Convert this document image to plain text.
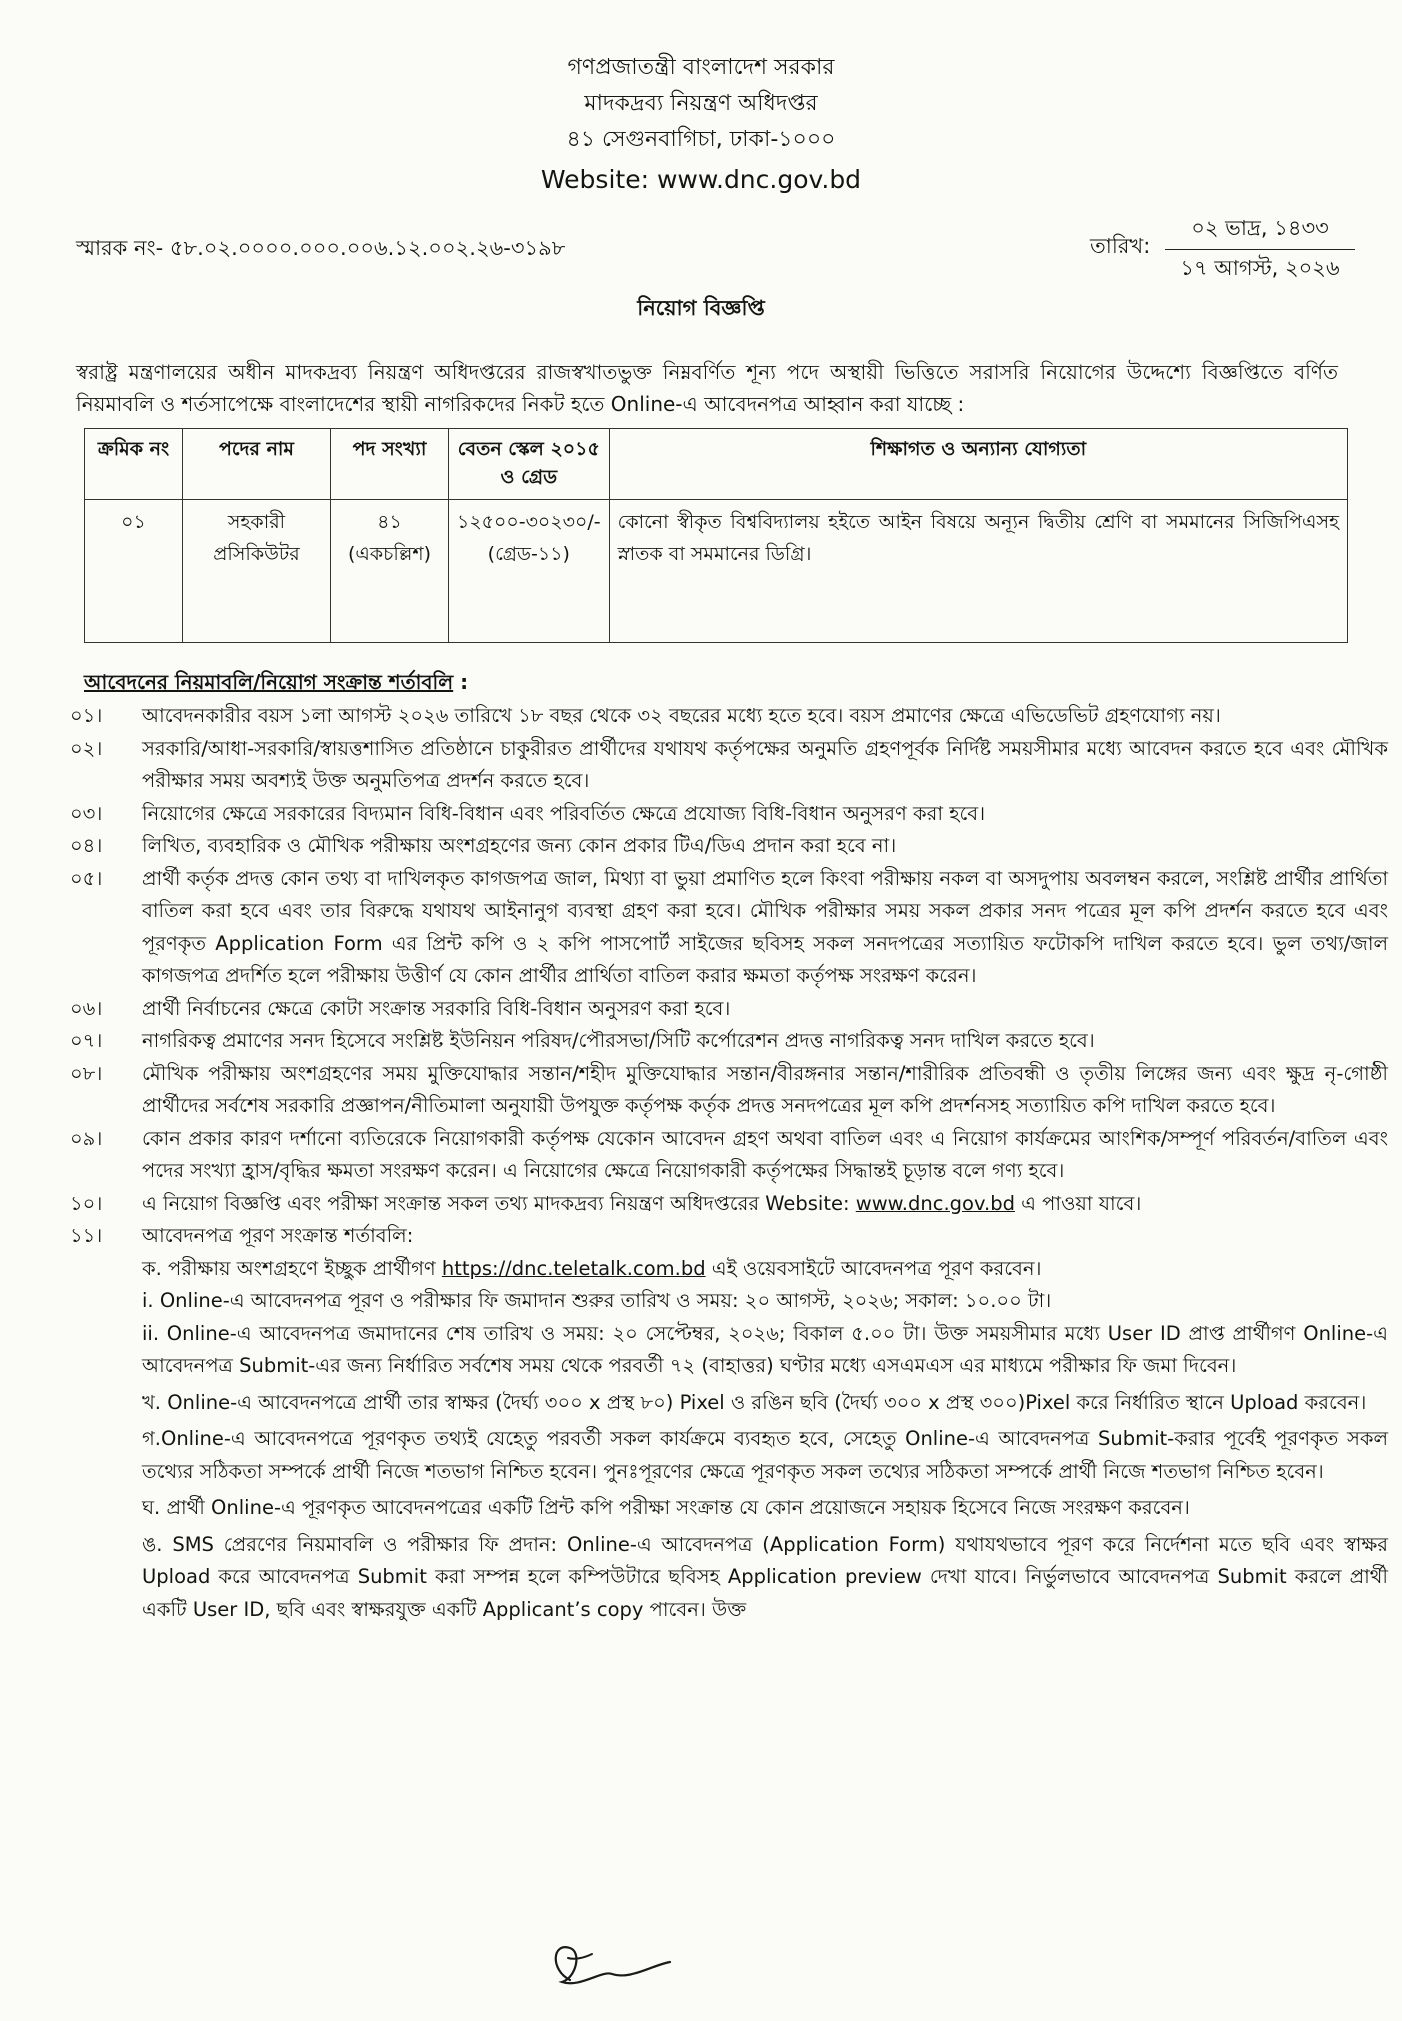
গণপ্রজাতন্ত্রী বাংলাদেশ সরকার
মাদকদ্রব্য নিয়ন্ত্রণ অধিদপ্তর
৪১ সেগুনবাগিচা, ঢাকা-১০০০
Website: www.dnc.gov.bd
স্মারক নং- ৫৮.০২.০০০০.০০০.০০৬.১২.০০২.২৬-৩১৯৮	তারিখ:
০২ ভাদ্র, ১৪৩৩
১৭ আগস্ট, ২০২৬
নিয়োগ বিজ্ঞপ্তি
স্বরাষ্ট্র মন্ত্রণালয়ের অধীন মাদকদ্রব্য নিয়ন্ত্রণ অধিদপ্তরের রাজস্বখাতভুক্ত নিম্নবর্ণিত শূন্য পদে অস্থায়ী ভিত্তিতে সরাসরি নিয়োগের উদ্দেশ্যে বিজ্ঞপ্তিতে বর্ণিত নিয়মাবলি ও শর্তসাপেক্ষে বাংলাদেশের স্থায়ী নাগরিকদের নিকট হতে Online-এ আবেদনপত্র আহ্বান করা যাচ্ছে :
ক্রমিক নং	পদের নাম	পদ সংখ্যা	বেতন স্কেল ২০১৫ ও গ্রেড	শিক্ষাগত ও অন্যান্য যোগ্যতা
০১	সহকারী প্রসিকিউটর	৪১ (একচল্লিশ)	১২৫০০-৩০২৩০/- (গ্রেড-১১)	কোনো স্বীকৃত বিশ্ববিদ্যালয় হইতে আইন বিষয়ে অন্যূন দ্বিতীয় শ্রেণি বা সমমানের সিজিপিএসহ স্নাতক বা সমমানের ডিগ্রি।
আবেদনের নিয়মাবলি/নিয়োগ সংক্রান্ত শর্তাবলি :
০১।	আবেদনকারীর বয়স ১লা আগস্ট ২০২৬ তারিখে ১৮ বছর থেকে ৩২ বছরের মধ্যে হতে হবে। বয়স প্রমাণের ক্ষেত্রে এভিডেভিট গ্রহণযোগ্য নয়।
০২।	সরকারি/আধা-সরকারি/স্বায়ত্তশাসিত প্রতিষ্ঠানে চাকুরীরত প্রার্থীদের যথাযথ কর্তৃপক্ষের অনুমতি গ্রহণপূর্বক নির্দিষ্ট সময়সীমার মধ্যে আবেদন করতে হবে এবং মৌখিক পরীক্ষার সময় অবশ্যই উক্ত অনুমতিপত্র প্রদর্শন করতে হবে।
০৩।	নিয়োগের ক্ষেত্রে সরকারের বিদ্যমান বিধি-বিধান এবং পরিবর্তিত ক্ষেত্রে প্রযোজ্য বিধি-বিধান অনুসরণ করা হবে।
০৪।	লিখিত, ব্যবহারিক ও মৌখিক পরীক্ষায় অংশগ্রহণের জন্য কোন প্রকার টিএ/ডিএ প্রদান করা হবে না।
০৫।	প্রার্থী কর্তৃক প্রদত্ত কোন তথ্য বা দাখিলকৃত কাগজপত্র জাল, মিথ্যা বা ভুয়া প্রমাণিত হলে কিংবা পরীক্ষায় নকল বা অসদুপায় অবলম্বন করলে, সংশ্লিষ্ট প্রার্থীর প্রার্থিতা বাতিল করা হবে এবং তার বিরুদ্ধে যথাযথ আইনানুগ ব্যবস্থা গ্রহণ করা হবে। মৌখিক পরীক্ষার সময় সকল প্রকার সনদ পত্রের মূল কপি প্রদর্শন করতে হবে এবং পূরণকৃত Application Form এর প্রিন্ট কপি ও ২ কপি পাসপোর্ট সাইজের ছবিসহ সকল সনদপত্রের সত্যায়িত ফটোকপি দাখিল করতে হবে। ভুল তথ্য/জাল কাগজপত্র প্রদর্শিত হলে পরীক্ষায় উত্তীর্ণ যে কোন প্রার্থীর প্রার্থিতা বাতিল করার ক্ষমতা কর্তৃপক্ষ সংরক্ষণ করেন।
০৬।	প্রার্থী নির্বাচনের ক্ষেত্রে কোটা সংক্রান্ত সরকারি বিধি-বিধান অনুসরণ করা হবে।
০৭।	নাগরিকত্ব প্রমাণের সনদ হিসেবে সংশ্লিষ্ট ইউনিয়ন পরিষদ/পৌরসভা/সিটি কর্পোরেশন প্রদত্ত নাগরিকত্ব সনদ দাখিল করতে হবে।
০৮।	মৌখিক পরীক্ষায় অংশগ্রহণের সময় মুক্তিযোদ্ধার সন্তান/শহীদ মুক্তিযোদ্ধার সন্তান/বীরঙ্গনার সন্তান/শারীরিক প্রতিবন্ধী ও তৃতীয় লিঙ্গের জন্য এবং ক্ষুদ্র নৃ-গোষ্ঠী প্রার্থীদের সর্বশেষ সরকারি প্রজ্ঞাপন/নীতিমালা অনুযায়ী উপযুক্ত কর্তৃপক্ষ কর্তৃক প্রদত্ত সনদপত্রের মূল কপি প্রদর্শনসহ সত্যায়িত কপি দাখিল করতে হবে।
০৯।	কোন প্রকার কারণ দর্শানো ব্যতিরেকে নিয়োগকারী কর্তৃপক্ষ যেকোন আবেদন গ্রহণ অথবা বাতিল এবং এ নিয়োগ কার্যক্রমের আংশিক/সম্পূর্ণ পরিবর্তন/বাতিল এবং পদের সংখ্যা হ্রাস/বৃদ্ধির ক্ষমতা সংরক্ষণ করেন। এ নিয়োগের ক্ষেত্রে নিয়োগকারী কর্তৃপক্ষের সিদ্ধান্তই চূড়ান্ত বলে গণ্য হবে।
১০।	এ নিয়োগ বিজ্ঞপ্তি এবং পরীক্ষা সংক্রান্ত সকল তথ্য মাদকদ্রব্য নিয়ন্ত্রণ অধিদপ্তরের Website: www.dnc.gov.bd এ পাওয়া যাবে।
১১।	আবেদনপত্র পূরণ সংক্রান্ত শর্তাবলি:

ক. পরীক্ষায় অংশগ্রহণে ইচ্ছুক প্রার্থীগণ https://dnc.teletalk.com.bd এই ওয়েবসাইটে আবেদনপত্র পূরণ করবেন।

i. Online-এ আবেদনপত্র পূরণ ও পরীক্ষার ফি জমাদান শুরুর তারিখ ও সময়: ২০ আগস্ট, ২০২৬; সকাল: ১০.০০ টা।

ii. Online-এ আবেদনপত্র জমাদানের শেষ তারিখ ও সময়: ২০ সেপ্টেম্বর, ২০২৬; বিকাল ৫.০০ টা। উক্ত সময়সীমার মধ্যে User ID প্রাপ্ত প্রার্থীগণ Online-এ আবেদনপত্র Submit-এর জন্য নির্ধারিত সর্বশেষ সময় থেকে পরবর্তী ৭২ (বাহাত্তর) ঘণ্টার মধ্যে এসএমএস এর মাধ্যমে পরীক্ষার ফি জমা দিবেন।

খ. Online-এ আবেদনপত্রে প্রার্থী তার স্বাক্ষর (দৈর্ঘ্য ৩০০ x প্রস্থ ৮০) Pixel ও রঙিন ছবি (দৈর্ঘ্য ৩০০ x প্রস্থ ৩০০)Pixel করে নির্ধারিত স্থানে Upload করবেন।

গ.Online-এ আবেদনপত্রে পূরণকৃত তথ্যই যেহেতু পরবর্তী সকল কার্যক্রমে ব্যবহৃত হবে, সেহেতু Online-এ আবেদনপত্র Submit-করার পূর্বেই পূরণকৃত সকল তথ্যের সঠিকতা সম্পর্কে প্রার্থী নিজে শতভাগ নিশ্চিত হবেন। পুনঃপূরণের ক্ষেত্রে পূরণকৃত সকল তথ্যের সঠিকতা সম্পর্কে প্রার্থী নিজে শতভাগ নিশ্চিত হবেন।

ঘ. প্রার্থী Online-এ পূরণকৃত আবেদনপত্রের একটি প্রিন্ট কপি পরীক্ষা সংক্রান্ত যে কোন প্রয়োজনে সহায়ক হিসেবে নিজে সংরক্ষণ করবেন।

ঙ. SMS প্রেরণের নিয়মাবলি ও পরীক্ষার ফি প্রদান: Online-এ আবেদনপত্র (Application Form) যথাযথভাবে পূরণ করে নির্দেশনা মতে ছবি এবং স্বাক্ষর Upload করে আবেদনপত্র Submit করা সম্পন্ন হলে কম্পিউটারে ছবিসহ Application preview দেখা যাবে। নির্ভুলভাবে আবেদনপত্র Submit করলে প্রার্থী একটি User ID, ছবি এবং স্বাক্ষরযুক্ত একটি Applicant’s copy পাবেন। উক্ত
